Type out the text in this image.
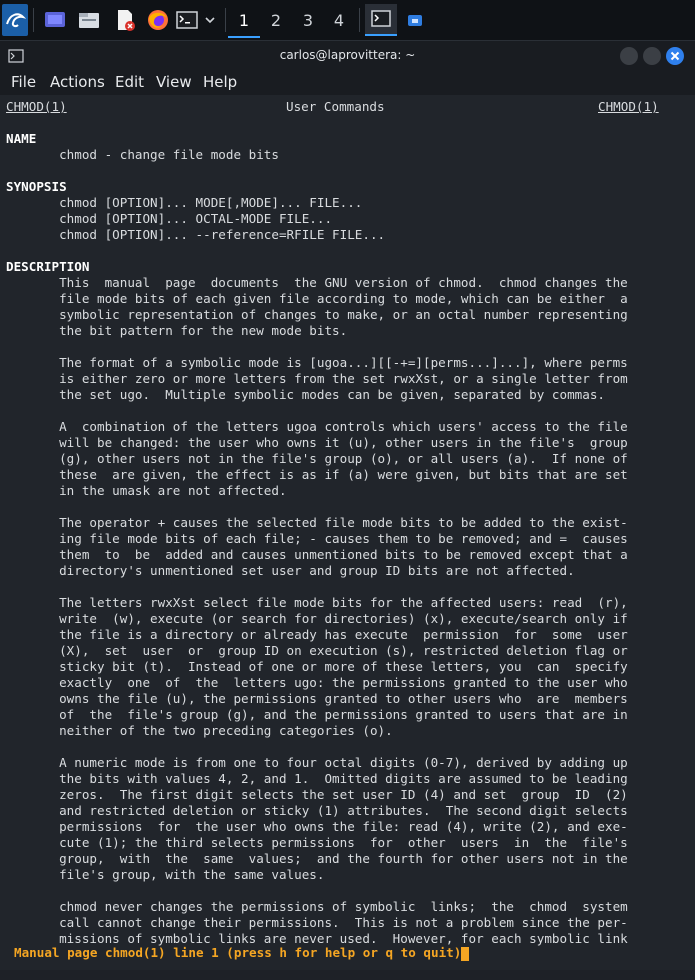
1	2	3	4
carlos@laprovittera: ~
File Actions Edit View Help
CHMOD(1)	User Commands	CHMOD(1)
NAME
chmod - change file mode bits
SYNOPSIS
chmod [OPTION]... MODE[,MODE]... FILE...
chmod [OPTION]... OCTAL-MODE FILE...
chmod [OPTION]... --reference=RFILE FILE...
DESCRIPTION
This  manual  page  documents  the GNU version of chmod.  chmod changes the
file mode bits of each given file according to mode, which can be either  a
symbolic representation of changes to make, or an octal number representing
the bit pattern for the new mode bits.
The format of a symbolic mode is [ugoa...][[-+=][perms...]...], where perms
is either zero or more letters from the set rwxXst, or a single letter from
the set ugo.  Multiple symbolic modes can be given, separated by commas.
A  combination of the letters ugoa controls which users' access to the file
will be changed: the user who owns it (u), other users in the file's  group
(g), other users not in the file's group (o), or all users (a).  If none of
these  are given, the effect is as if (a) were given, but bits that are set
in the umask are not affected.
The operator + causes the selected file mode bits to be added to the exist-
ing file mode bits of each file; - causes them to be removed; and =  causes
them  to  be  added and causes unmentioned bits to be removed except that a
directory's unmentioned set user and group ID bits are not affected.
The letters rwxXst select file mode bits for the affected users: read  (r),
write  (w), execute (or search for directories) (x), execute/search only if
the file is a directory or already has execute  permission  for  some  user
(X),  set  user  or  group ID on execution (s), restricted deletion flag or
sticky bit (t).  Instead of one or more of these letters, you  can  specify
exactly  one  of  the  letters ugo: the permissions granted to the user who
owns the file (u), the permissions granted to other users who  are  members
of  the  file's group (g), and the permissions granted to users that are in
neither of the two preceding categories (o).
A numeric mode is from one to four octal digits (0-7), derived by adding up
the bits with values 4, 2, and 1.  Omitted digits are assumed to be leading
zeros.  The first digit selects the set user ID (4) and set  group  ID  (2)
and restricted deletion or sticky (1) attributes.  The second digit selects
permissions  for  the user who owns the file: read (4), write (2), and exe-
cute (1); the third selects permissions  for  other  users  in  the  file's
group,  with  the  same  values;  and the fourth for other users not in the
file's group, with the same values.
chmod never changes the permissions of symbolic  links;  the  chmod  system
call cannot change their permissions.  This is not a problem since the per-
missions of symbolic links are never used.  However, for each symbolic link
Manual page chmod(1) line 1 (press h for help or q to quit)
